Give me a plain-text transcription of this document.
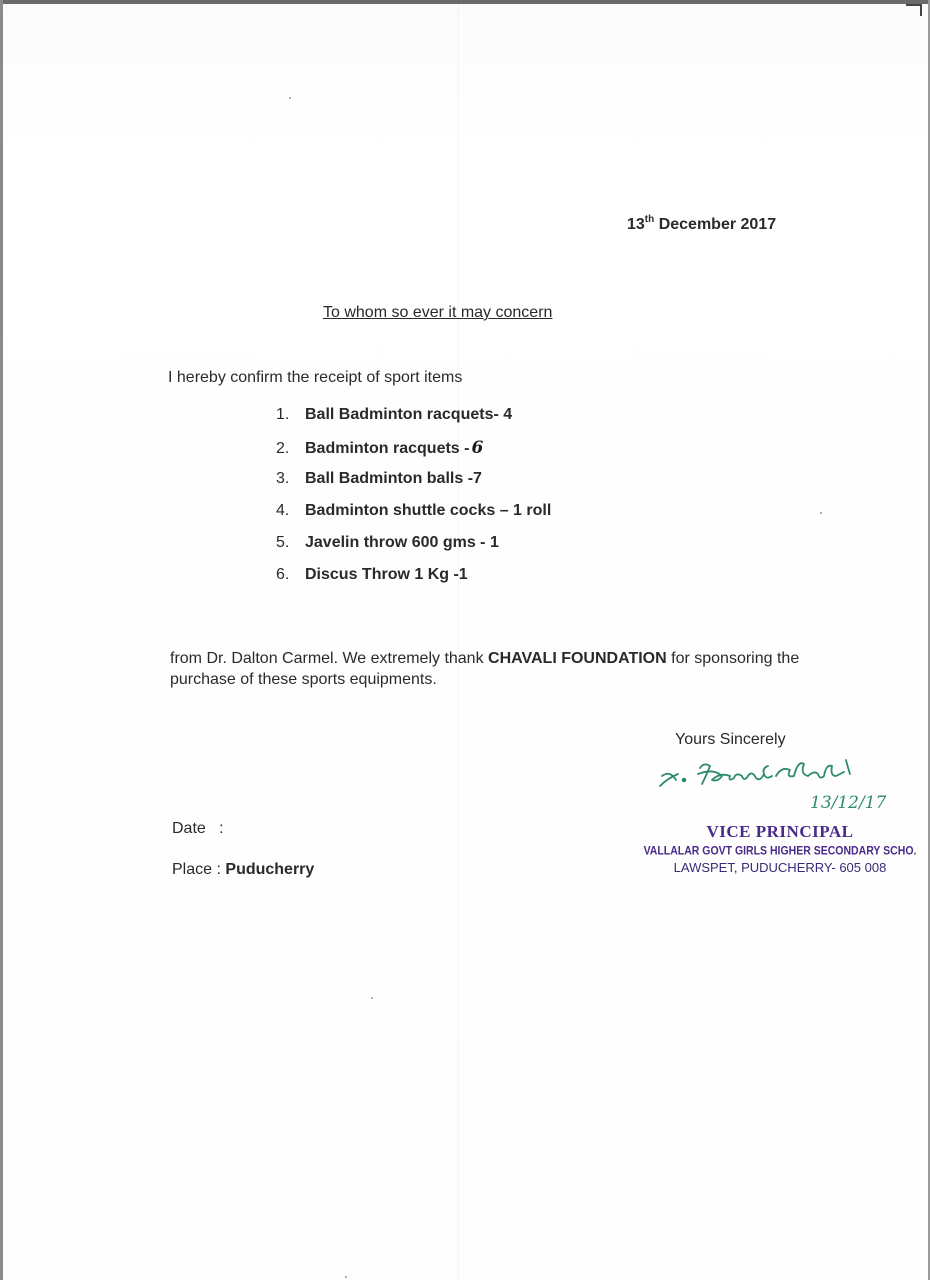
13th December 2017
To whom so ever it may concern
I hereby confirm the receipt of sport items
1. Ball Badminton racquets- 4
2. Badminton racquets - 6
3. Ball Badminton balls -7
4. Badminton shuttle cocks – 1 roll
5. Javelin throw 600 gms - 1
6. Discus Throw 1 Kg -1
from Dr. Dalton Carmel. We extremely thank CHAVALI FOUNDATION for sponsoring the purchase of these sports equipments.
Yours Sincerely
13/12/17
VICE PRINCIPAL
VALLALAR GOVT GIRLS HIGHER SECONDARY SCHO.
LAWSPET, PUDUCHERRY- 605 008
Date :
Place : Puducherry
